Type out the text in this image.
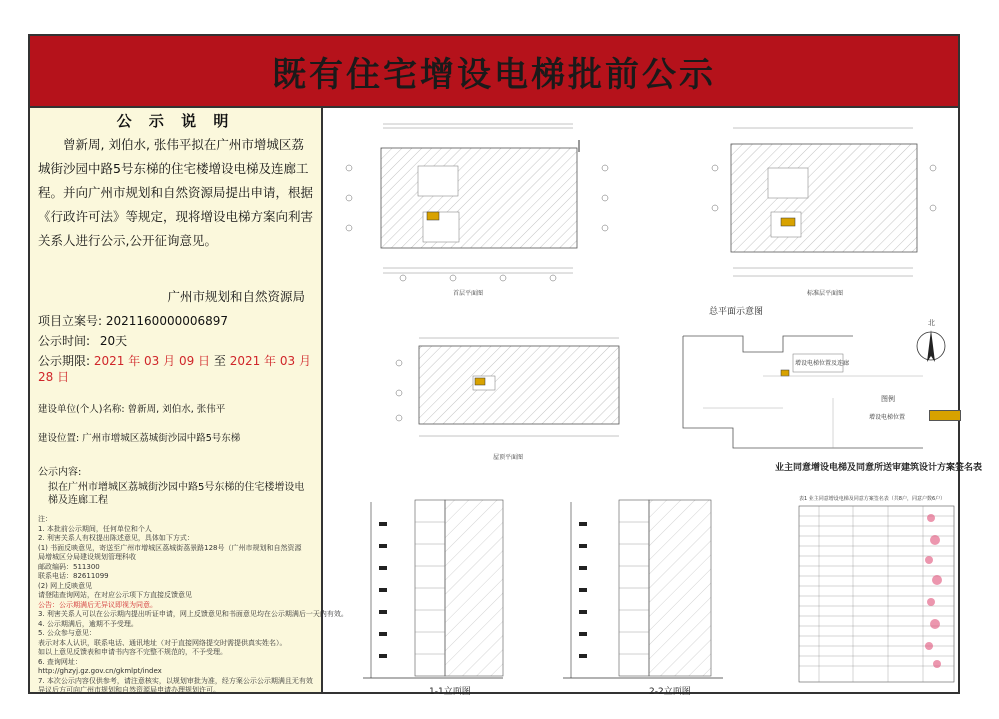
既有住宅增设电梯批前公示
公 示 说 明

曾新周, 刘伯水, 张伟平拟在广州市增城区荔城街沙园中路5号东梯的住宅楼增设电梯及连廊工程。并向广州市规划和自然资源局提出申请，根据《行政许可法》等规定，现将增设电梯方案向利害关系人进行公示,公开征询意见。

广州市规划和自然资源局
项目立案号: 2021160000006897
公示时间: 20天
公示期限: 2021 年 03 月 09 日 至 2021 年 03 月 28 日
建设单位(个人)名称: 曾新周, 刘伯水, 张伟平
建设位置: 广州市增城区荔城街沙园中路5号东梯
公示内容:
拟在广州市增城区荔城街沙园中路5号东梯的住宅楼增设电梯及连廊工程
注：
1. 本批前公示期间，任何单位和个人
2. 利害关系人有权提出陈述意见，具体如下方式：
(1) 书面反映意见，寄送至广州市增城区荔城街荔景路128号（广州市规划和自然资源
局增城区分局建设规划管理科收
邮政编码：511300
联系电话：82611099
(2) 网上反映意见
请登陆查询网站，在对应公示项下方直接反馈意见
公告：公示期满后无异议即视为同意。
3. 利害关系人可以在公示期内提出听证申请，网上反馈意见和书面意见均在公示期满后一天内有效。
4. 公示期满后，逾期不予受理。
5. 公众参与意见：
表示对本人认识，联系电话、通讯地址（对于直接网络提交时需提供真实姓名）。
如以上意见反馈表和申请书内容不完整不规范的，不予受理。
6. 查询网址：
http://ghzyj.gz.gov.cn/gkmlpt/index
7. 本次公示内容仅供参考，请注意核实，以规划审批为准，经方案公示公示期满且无有效
异议后方可向广州市规划和自然资源局申请办理规划许可。
首层平面图	标准层平面图
屋顶平面图
总平面示意图
增设电梯位置及连廊
北
图例
增设电梯位置
业主同意增设电梯及同意所送审建筑设计方案签名表
表1 业主同意增设电梯及同意方案签名表（共8户，同意户数6户）
1-1立面图	2-2立面图
